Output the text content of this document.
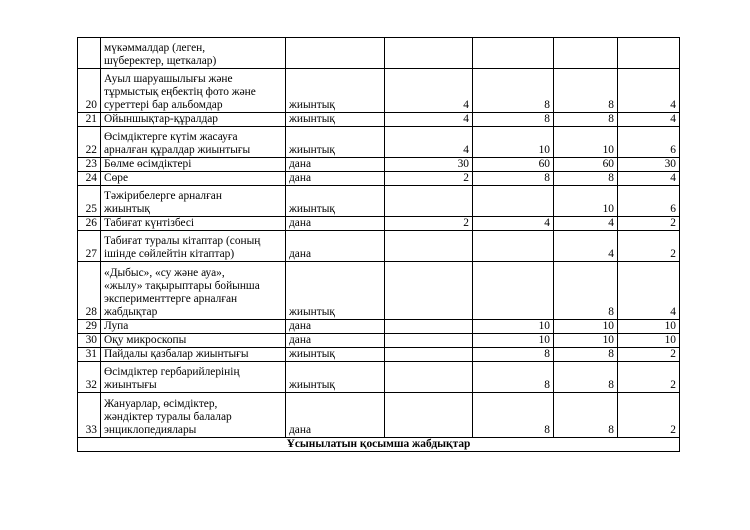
	мүкәммалдар (леген,
шүберектер, щеткалар)					
20	Ауыл шаруашылығы және
тұрмыстық еңбектің фото және
суреттері бар альбомдар	жиынтық	4	8	8	4
21	Ойыншықтар-құралдар	жиынтық	4	8	8	4
22	Өсімдіктерге күтім жасауға
арналған құралдар жиынтығы	жиынтық	4	10	10	6
23	Бөлме өсімдіктері	дана	30	60	60	30
24	Сөре	дана	2	8	8	4
25	Тәжірибелерге арналған
жиынтық	жиынтық			10	6
26	Табиғат күнтізбесі	дана	2	4	4	2
27	Табиғат туралы кітаптар (соның
ішінде сөйлейтін кітаптар)	дана			4	2
28	«Дыбыс», «су және ауа»,
«жылу» тақырыптары бойынша
эксперименттерге арналған
жабдықтар	жиынтық			8	4
29	Лупа	дана		10	10	10
30	Оқу микроскопы	дана		10	10	10
31	Пайдалы қазбалар жиынтығы	жиынтық		8	8	2
32	Өсімдіктер гербарийлерінің
жиынтығы	жиынтық		8	8	2
33	Жануарлар, өсімдіктер,
жәндіктер туралы балалар
энциклопедиялары	дана		8	8	2
Ұсынылатын қосымша жабдықтар						
